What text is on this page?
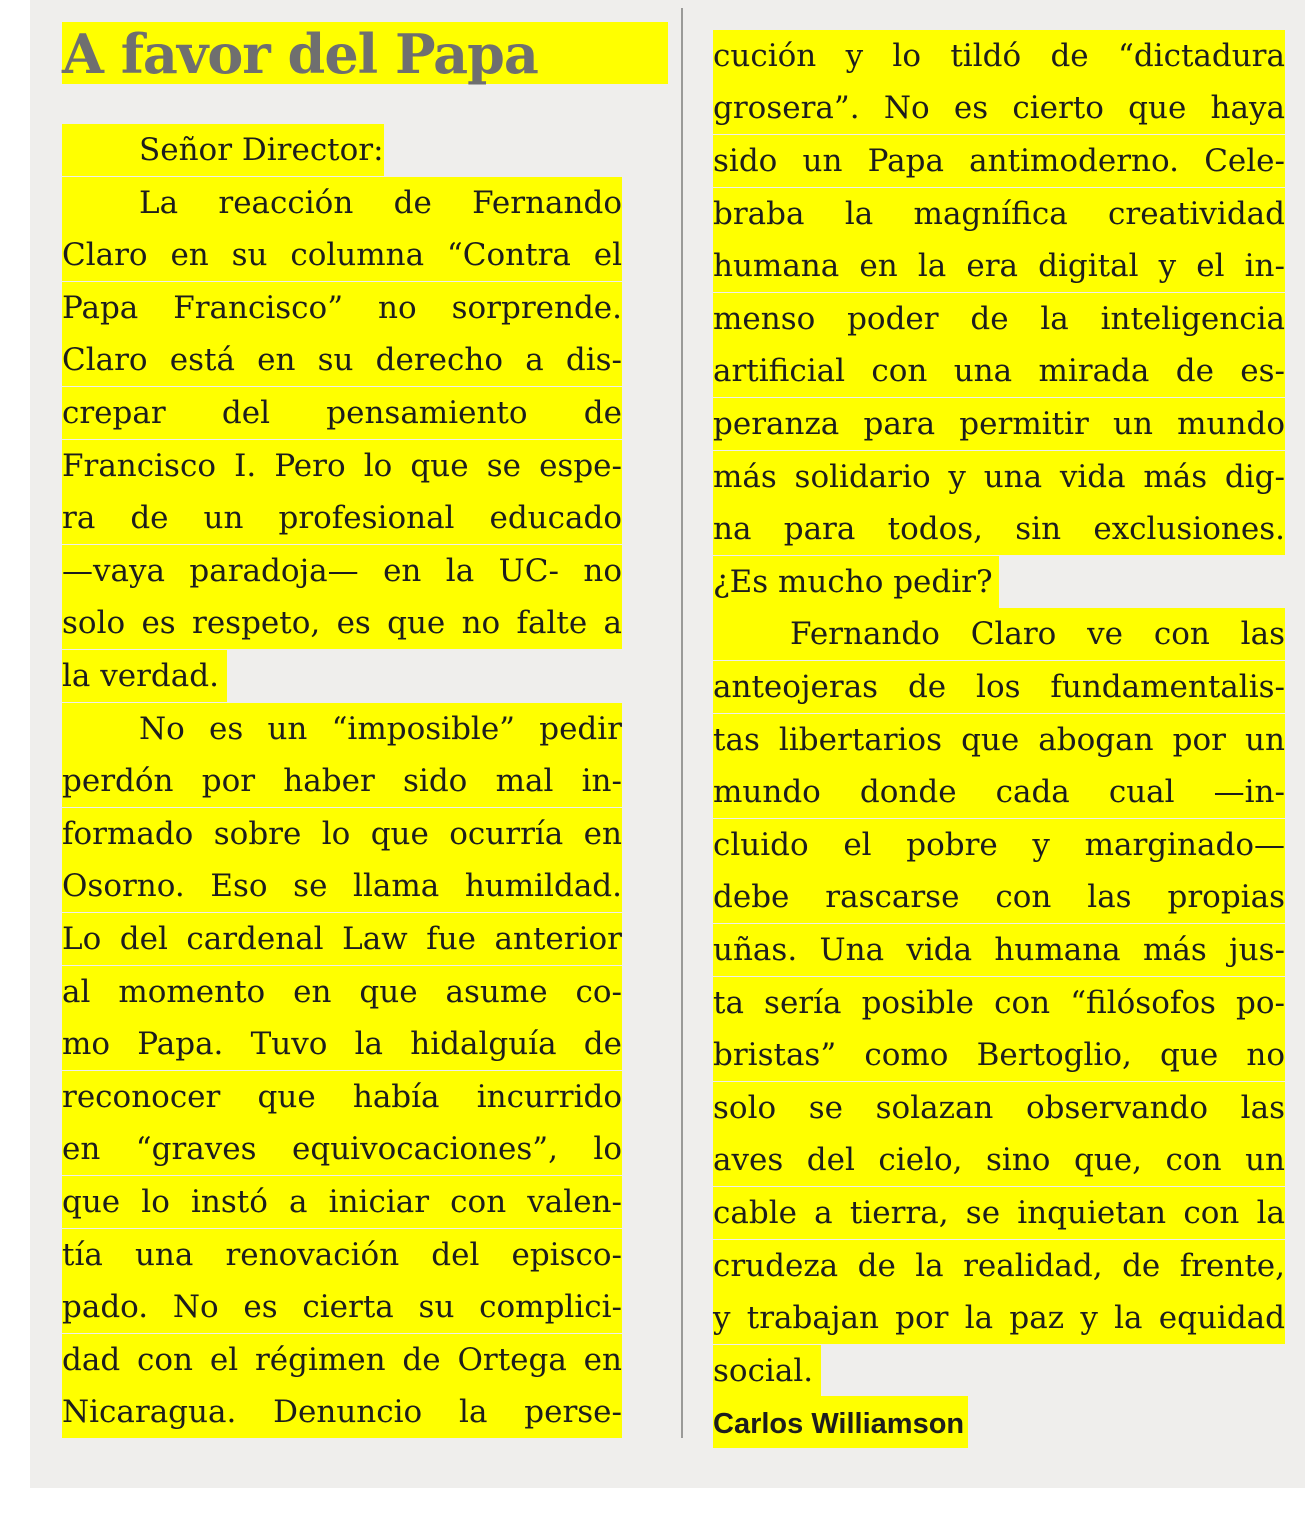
A favor del Papa
Señor Director:
La reacción de Fernando
Claro en su columna “Contra el
Papa Francisco” no sorprende.
Claro está en su derecho a dis-
crepar del pensamiento de
Francisco I. Pero lo que se espe-
ra de un profesional educado
—vaya paradoja— en la UC- no
solo es respeto, es que no falte a
la verdad.
No es un “imposible” pedir
perdón por haber sido mal in-
formado sobre lo que ocurría en
Osorno. Eso se llama humildad.
Lo del cardenal Law fue anterior
al momento en que asume co-
mo Papa. Tuvo la hidalguía de
reconocer que había incurrido
en “graves equivocaciones”, lo
que lo instó a iniciar con valen-
tía una renovación del episco-
pado. No es cierta su complici-
dad con el régimen de Ortega en
Nicaragua. Denuncio la perse-
cución y lo tildó de “dictadura
grosera”. No es cierto que haya
sido un Papa antimoderno. Cele-
braba la magnífica creatividad
humana en la era digital y el in-
menso poder de la inteligencia
artificial con una mirada de es-
peranza para permitir un mundo
más solidario y una vida más dig-
na para todos, sin exclusiones.
¿Es mucho pedir?
Fernando Claro ve con las
anteojeras de los fundamentalis-
tas libertarios que abogan por un
mundo donde cada cual —in-
cluido el pobre y marginado—
debe rascarse con las propias
uñas. Una vida humana más jus-
ta sería posible con “filósofos po-
bristas” como Bertoglio, que no
solo se solazan observando las
aves del cielo, sino que, con un
cable a tierra, se inquietan con la
crudeza de la realidad, de frente,
y trabajan por la paz y la equidad
social.
Carlos Williamson
